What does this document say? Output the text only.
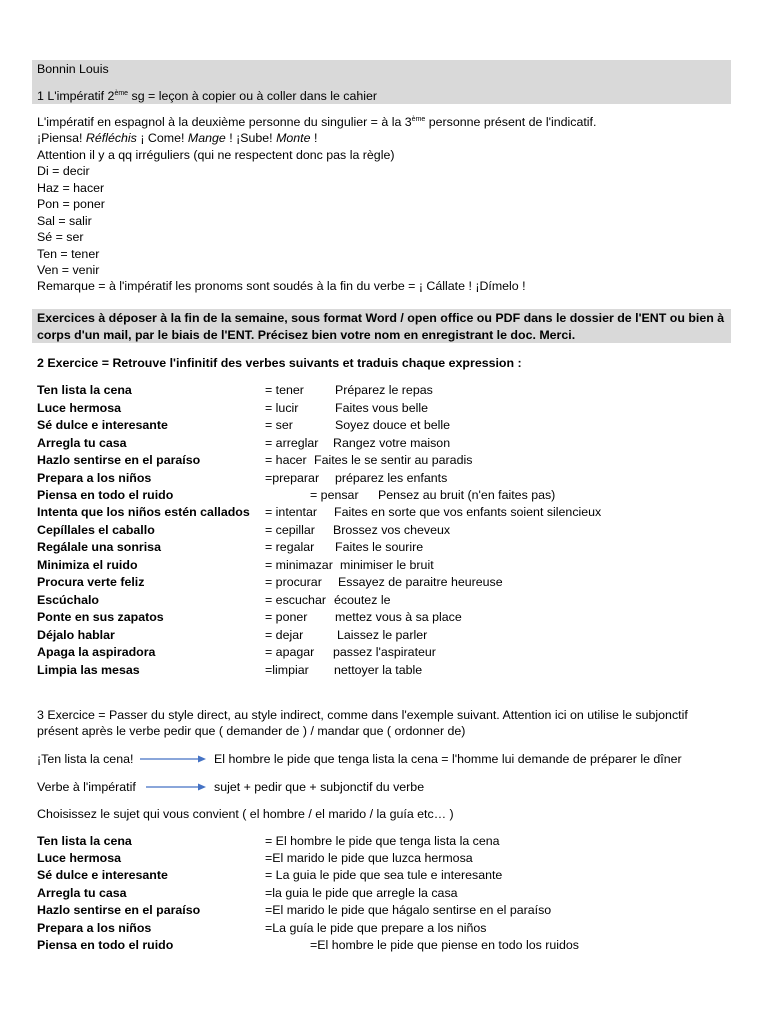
Bonnin Louis
1 L'impératif 2ème sg = leçon à copier ou à coller dans le cahier
L'impératif en espagnol à la deuxième personne du singulier = à la 3ème personne présent de l'indicatif.
¡Piensa! Réfléchis ¡ Come! Mange ! ¡Sube! Monte !
Attention il y a qq irréguliers (qui ne respectent donc pas la règle)
Di = decir
Haz = hacer
Pon = poner
Sal = salir
Sé = ser
Ten = tener
Ven = venir
Remarque = à l'impératif les pronoms sont soudés à la fin du verbe = ¡ Cállate ! ¡Dímelo !
Exercices à déposer à la fin de la semaine, sous format Word / open office ou PDF dans le dossier de l'ENT ou bien à
corps d'un mail, par le biais de l'ENT. Précisez bien votre nom en enregistrant le doc. Merci.
2 Exercice = Retrouve l'infinitif des verbes suivants et traduis chaque expression :
Ten lista la cena	= tener	Préparez le repas
Luce hermosa	= lucir	Faites vous belle
Sé dulce e interesante	= ser	Soyez douce et belle
Arregla tu casa	= arreglar Rangez votre maison
Hazlo sentirse en el paraíso	= hacer Faites le se sentir au paradis
Prepara a los niños	=preparar préparez les enfants
Piensa en todo el ruido	= pensar Pensez au bruit (n'en faites pas)
Intenta que los niños estén callados = intentar Faites en sorte que vos enfants soient silencieux
Cepíllales el caballo	= cepillar Brossez vos cheveux
Regálale una sonrisa	= regalar Faites le sourire
Minimiza el ruido	= minimazar minimiser le bruit
Procura verte feliz	= procurar Essayez de paraitre heureuse
Escúchalo	= escuchar écoutez le
Ponte en sus zapatos	= poner mettez vous à sa place
Déjalo hablar	= dejar	Laissez le parler
Apaga la aspiradora	= apagar passez l'aspirateur
Limpia las mesas	=limpiar nettoyer la table
3 Exercice = Passer du style direct, au style indirect, comme dans l'exemple suivant. Attention ici on utilise le subjonctif
présent après le verbe pedir que ( demander de ) / mandar que ( ordonner de)
¡Ten lista la cena!	El hombre le pide que tenga lista la cena = l'homme lui demande de préparer le dîner
Verbe à l'impératif	sujet + pedir que + subjonctif du verbe
Choisissez le sujet qui vous convient ( el hombre / el marido / la guía etc… )
Ten lista la cena	= El hombre le pide que tenga lista la cena
Luce hermosa	=El marido le pide que luzca hermosa
Sé dulce e interesante	= La guia le pide que sea tule e interesante
Arregla tu casa	=la guia le pide que arregle la casa
Hazlo sentirse en el paraíso	=El marido le pide que hágalo sentirse en el paraíso
Prepara a los niños	=La guía le pide que prepare a los niños
Piensa en todo el ruido	=El hombre le pide que piense en todo los ruidos
